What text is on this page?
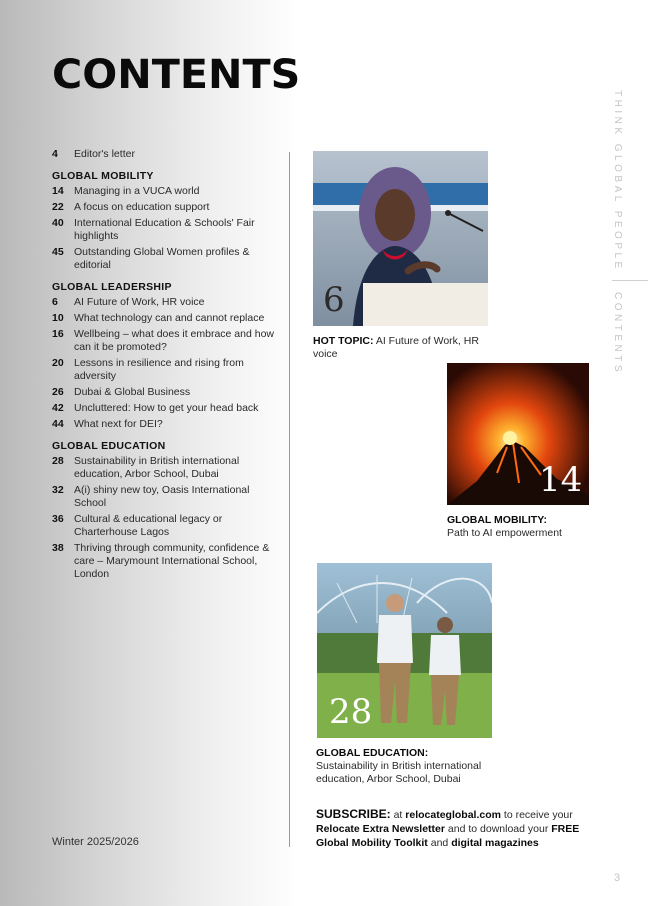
CONTENTS
4	Editor's letter
GLOBAL MOBILITY
14 Managing in a VUCA world
22 A focus on education support
40 International Education & Schools' Fair highlights
45 Outstanding Global Women profiles & editorial
GLOBAL LEADERSHIP
6	AI Future of Work, HR voice
10 What technology can and cannot replace
16 Wellbeing – what does it embrace and how can it be promoted?
20 Lessons in resilience and rising from adversity
26 Dubai & Global Business
42 Uncluttered: How to get your head back
44 What next for DEI?
GLOBAL EDUCATION
28 Sustainability in British international education, Arbor School, Dubai
32 A(i) shiny new toy, Oasis International School
36 Cultural & educational legacy or Charterhouse Lagos
38 Thriving through community, confidence & care – Marymount International School, London
Winter 2025/2026
THINK GLOBAL PEOPLE
CONTENTS
3
6
HOT TOPIC: AI Future of Work, HR voice
14
GLOBAL MOBILITY:
Path to AI empowerment
28
GLOBAL EDUCATION:
Sustainability in British international education, Arbor School, Dubai
SUBSCRIBE: at relocateglobal.com to receive your Relocate Extra Newsletter and to download your FREE Global Mobility Toolkit and digital magazines
